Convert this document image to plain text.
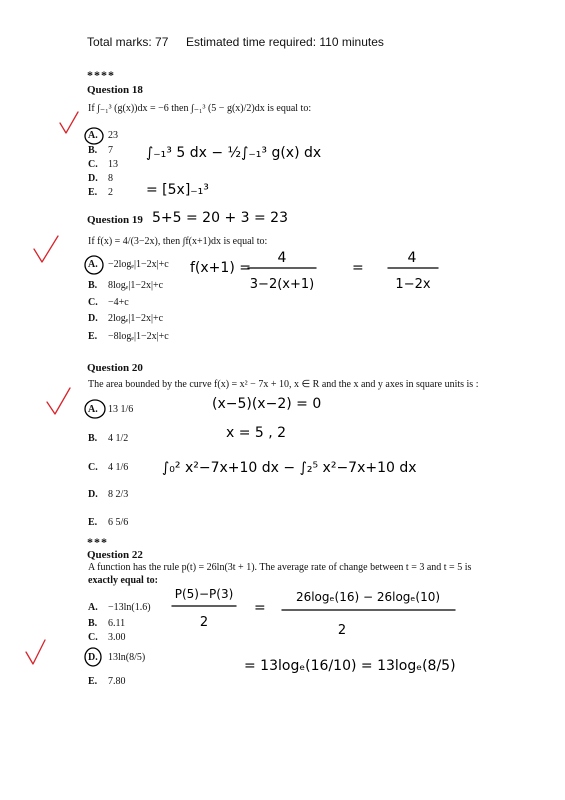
Total marks: 77 Estimated time required: 110 minutes
****
Question 18
If ∫₋₁³ (g(x))dx = −6 then ∫₋₁³ (5 − g(x)/2)dx is equal to:
A. 23
B. 7
C. 13
D. 8
E. 2
Question 19
If f(x) = 4/(3−2x), then ∫f(x+1)dx is equal to:
A. −2logₑ|1−2x|+c
B. 8logₑ|1−2x|+c
C. −4+c
D. 2logₑ|1−2x|+c
E. −8logₑ|1−2x|+c
Question 20
The area bounded by the curve f(x) = x² − 7x + 10, x ∈ R and the x and y axes in square units is :
A. 13 1/6
B. 4 1/2
C. 4 1/6
D. 8 2/3
E. 6 5/6
***
Question 22
A function has the rule p(t) = 26ln(3t + 1). The average rate of change between t = 3 and t = 5 is
exactly equal to:
A. −13ln(1.6)
B. 6.11
C. 3.00
D. 13ln(8/5)
E. 7.80
∫₋₁³ 5 dx − ½∫₋₁³ g(x) dx
= [5x]₋₁³
5+5 = 20 + 3 = 23
f(x+1) =
4
3−2(x+1)
=
4
1−2x
(x−5)(x−2) = 0
x = 5 , 2
∫₀² x²−7x+10 dx − ∫₂⁵ x²−7x+10 dx
P(5)−P(3)
2
=
26logₑ(16) − 26logₑ(10)
2
= 13logₑ(16/10) = 13logₑ(8/5)
